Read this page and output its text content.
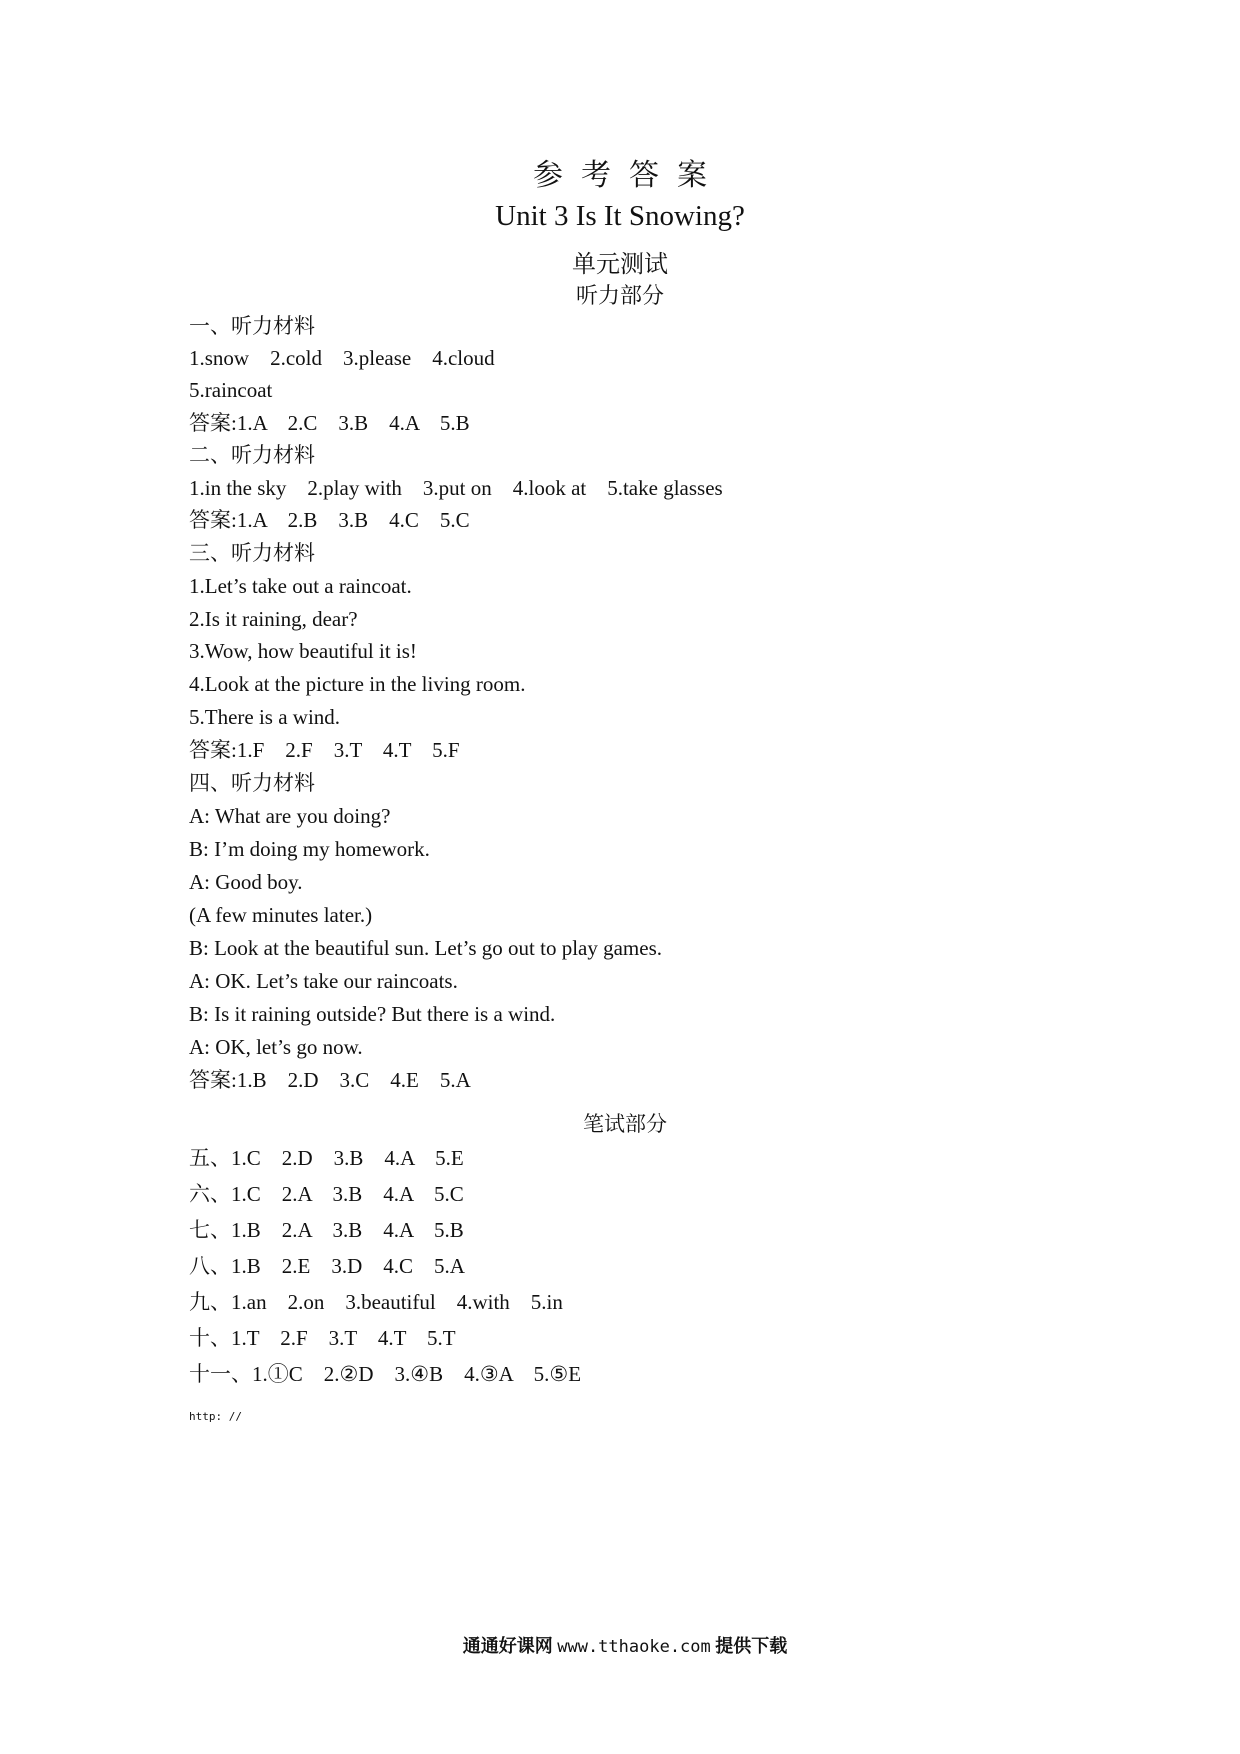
参考答案
Unit 3 Is It Snowing?
单元测试
听力部分
一、听力材料
1.snow    2.cold    3.please    4.cloud
5.raincoat
答案:1.A    2.C    3.B    4.A    5.B
二、听力材料
1.in the sky    2.play with    3.put on    4.look at    5.take glasses
答案:1.A    2.B    3.B    4.C    5.C
三、听力材料
1.Let’s take out a raincoat.
2.Is it raining, dear?
3.Wow, how beautiful it is!
4.Look at the picture in the living room.
5.There is a wind.
答案:1.F    2.F    3.T    4.T    5.F
四、听力材料
A: What are you doing?
B: I’m doing my homework.
A: Good boy.
(A few minutes later.)
B: Look at the beautiful sun. Let’s go out to play games.
A: OK. Let’s take our raincoats.
B: Is it raining outside? But there is a wind.
A: OK, let’s go now.
答案:1.B    2.D    3.C    4.E    5.A
笔试部分
五、1.C    2.D    3.B    4.A    5.E
六、1.C    2.A    3.B    4.A    5.C
七、1.B    2.A    3.B    4.A    5.B
八、1.B    2.E    3.D    4.C    5.A
九、1.an    2.on    3.beautiful    4.with    5.in
十、1.T    2.F    3.T    4.T    5.T
十一、1.①C    2.②D    3.④B    4.③A    5.⑤E
http: //
通通好课网 www.tthaoke.com 提供下载
